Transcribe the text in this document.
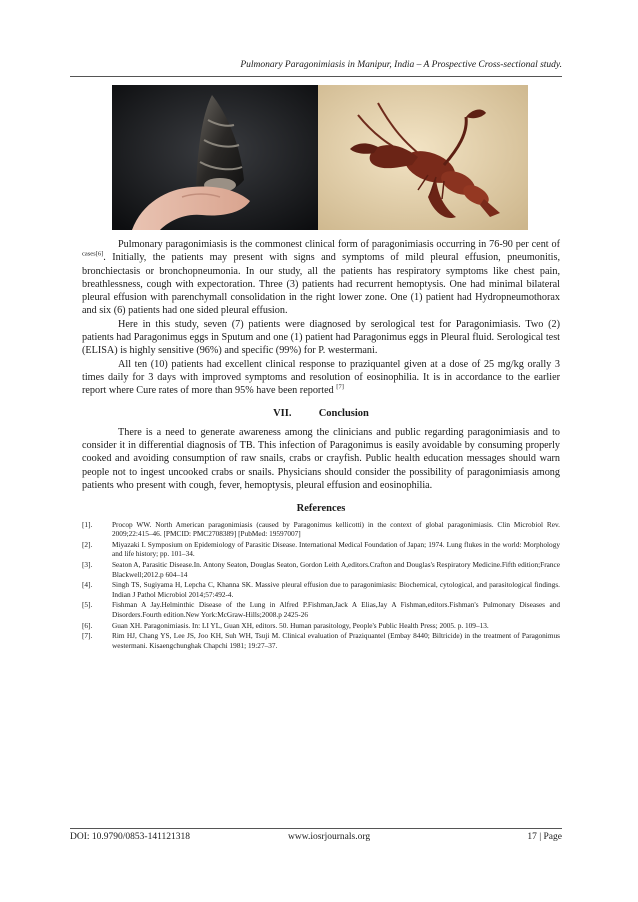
Pulmonary Paragonimiasis in Manipur, India – A Prospective Cross-sectional study.

Pulmonary paragonimiasis is the commonest clinical form of paragonimiasis occurring in 76-90 per cent of $^{cases[6]}$. Initially, the patients may present with signs and symptoms of mild pleural effusion, pneumonitis, bronchiectasis or bronchopneumonia. In our study, all the patients has respiratory symptoms like chest pain, breathlessness, cough with expectoration. Three (3) patients had recurrent hemoptysis. One had minimal bilateral pleural effusion with parenchymall consolidation in the right lower zone. One (1) patient had Hydropneumothorax and six (6) patients had one sided pleural effusion.

Here in this study, seven (7) patients were diagnosed by serological test for Paragonimiasis. Two (2) patients had Paragonimus eggs in Sputum and one (1) patient had Paragonimus eggs in Pleural fluid. Serological test (ELISA) is highly sensitive (96%) and specific (99%) for P. westermani.

All ten (10) patients had excellent clinical response to praziquantel given at a dose of 25 mg/kg orally 3 times daily for 3 days with improved symptoms and resolution of eosinophilia. It is in accordance to the earlier report where Cure rates of more than 95% have been reported [7]

VII.	Conclusion

There is a need to generate awareness among the clinicians and public regarding paragonimiasis and to consider it in differential diagnosis of TB. This infection of Paragonimus is easily avoidable by consuming properly cooked and avoiding consumption of raw snails, crabs or crayfish. Public health education messages should warn people not to ingest uncooked crabs or snails. Physicians should consider the possibility of paragonimiasis among patients who present with cough, fever, hemoptysis, pleural effusion and eosinophilia.

References
[1].	Procop WW. North American paragonimiasis (caused by Paragonimus kellicotti) in the context of global paragonimiasis. Clin Microbiol Rev. 2009;22:415–46. [PMCID: PMC2708389] [PubMed: 19597007]
[2].	Miyazaki I. Symposium on Epidemiology of Parasitic Disease. International Medical Foundation of Japan; 1974. Lung flukes in the world: Morphology and life history; pp. 101–34.
[3].	Seaton A, Parasitic Disease.In. Antony Seaton, Douglas Seaton, Gordon Leith A,editors.Crafton and Douglas's Respiratory Medicine.Fifth edition;France Blackwell;2012.p 604–14
[4].	Singh TS, Sugiyama H, Lepcha C, Khanna SK. Massive pleural effusion due to paragonimiasis: Biochemical, cytological, and parasitological findings. Indian J Pathol Microbiol 2014;57:492-4.
[5].	Fishman A Jay.Helminthic Disease of the Lung in Alfred P.Fishman,Jack A Elias,Jay A Fishman,editors.Fishman's Pulmonary Diseases and Disorders.Fourth edition.New York:McGraw-Hills;2008.p 2425-26
[6].	Guan XH. Paragonimiasis. In: LI YL, Guan XH, editors. 50. Human parasitology, People's Public Health Press; 2005. p. 109–13.
[7].	Rim HJ, Chang YS, Lee JS, Joo KH, Suh WH, Tsuji M. Clinical evaluation of Praziquantel (Embay 8440; Biltricide) in the treatment of Paragonimus westermani. Kisaengchunghak Chapchi 1981; 19:27–37.
DOI: 10.9790/0853-141121318	www.iosrjournals.org	17 | Page
